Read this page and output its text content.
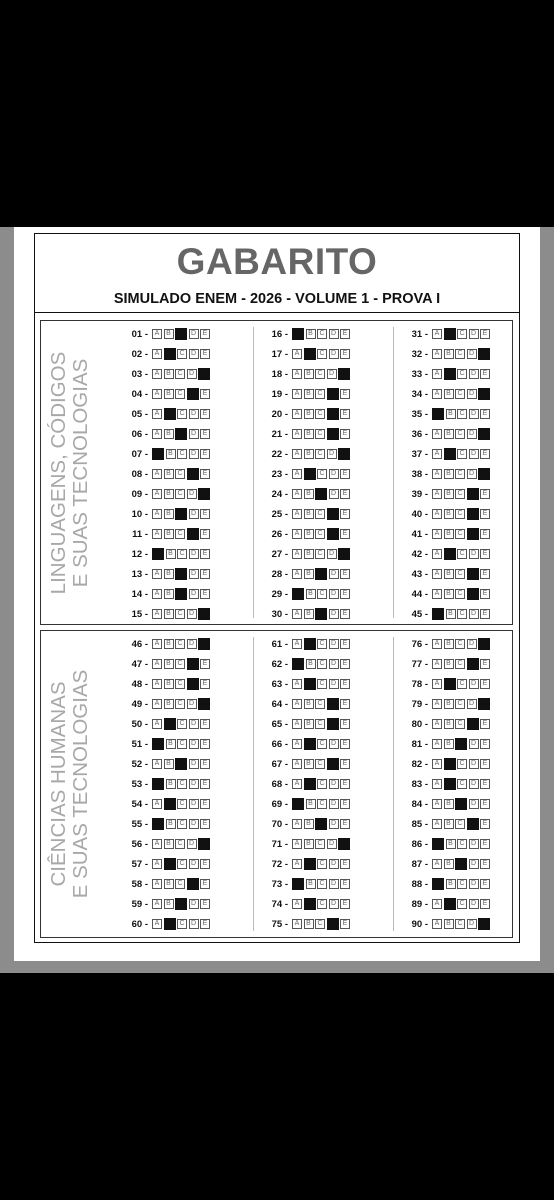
GABARITO
SIMULADO ENEM - 2026 - VOLUME 1 - PROVA I
LINGUAGENS, CÓDIGOS E SUAS TECNOLOGIAS
01 - A B	D E
02 - A	C D E
03 - A B C D
04 - A B C	E
05 - A	C D E
06 - A B	D E
07 -	B C D E
08 - A B C	E
09 - A B C D
10 - A B	D E
11 - A B C	E
12 -	B C D E
13 - A B	D E
14 - A B	D E
15 - A B C D
16 -	B C D E
17 - A	C D E
18 - A B C D
19 - A B C	E
20 - A B C	E
21 - A B C	E
22 - A B C D
23 - A	C D E
24 - A B	D E
25 - A B C	E
26 - A B C	E
27 - A B C D
28 - A B	D E
29 -	B C D E
30 - A B	D E
31 - A	C D E
32 - A B C D
33 - A	C D E
34 - A B C D
35 -	B C D E
36 - A B C D
37 - A	C D E
38 - A B C D
39 - A B C	E
40 - A B C	E
41 - A B C	E
42 - A	C D E
43 - A B C	E
44 - A B C	E
45 -	B C D E
CIÊNCIAS HUMANAS E SUAS TECNOLOGIAS
46 - A B C D
47 - A B C	E
48 - A B C	E
49 - A B C D
50 - A	C D E
51 -	B C D E
52 - A B	D E
53 -	B C D E
54 - A	C D E
55 -	B C D E
56 - A B C D
57 - A	C D E
58 - A B C	E
59 - A B	D E
60 - A	C D E
61 - A	C D E
62 -	B C D E
63 - A	C D E
64 - A B C	E
65 - A B C	E
66 - A	C D E
67 - A B C	E
68 - A	C D E
69 -	B C D E
70 - A B	D E
71 - A B C D
72 - A	C D E
73 -	B C D E
74 - A	C D E
75 - A B C	E
76 - A B C D
77 - A B C	E
78 - A	C D E
79 - A B C D
80 - A B C	E
81 - A B	D E
82 - A	C D E
83 - A	C D E
84 - A B	D E
85 - A B C	E
86 -	B C D E
87 - A B	D E
88 -	B C D E
89 - A	C D E
90 - A B C D
